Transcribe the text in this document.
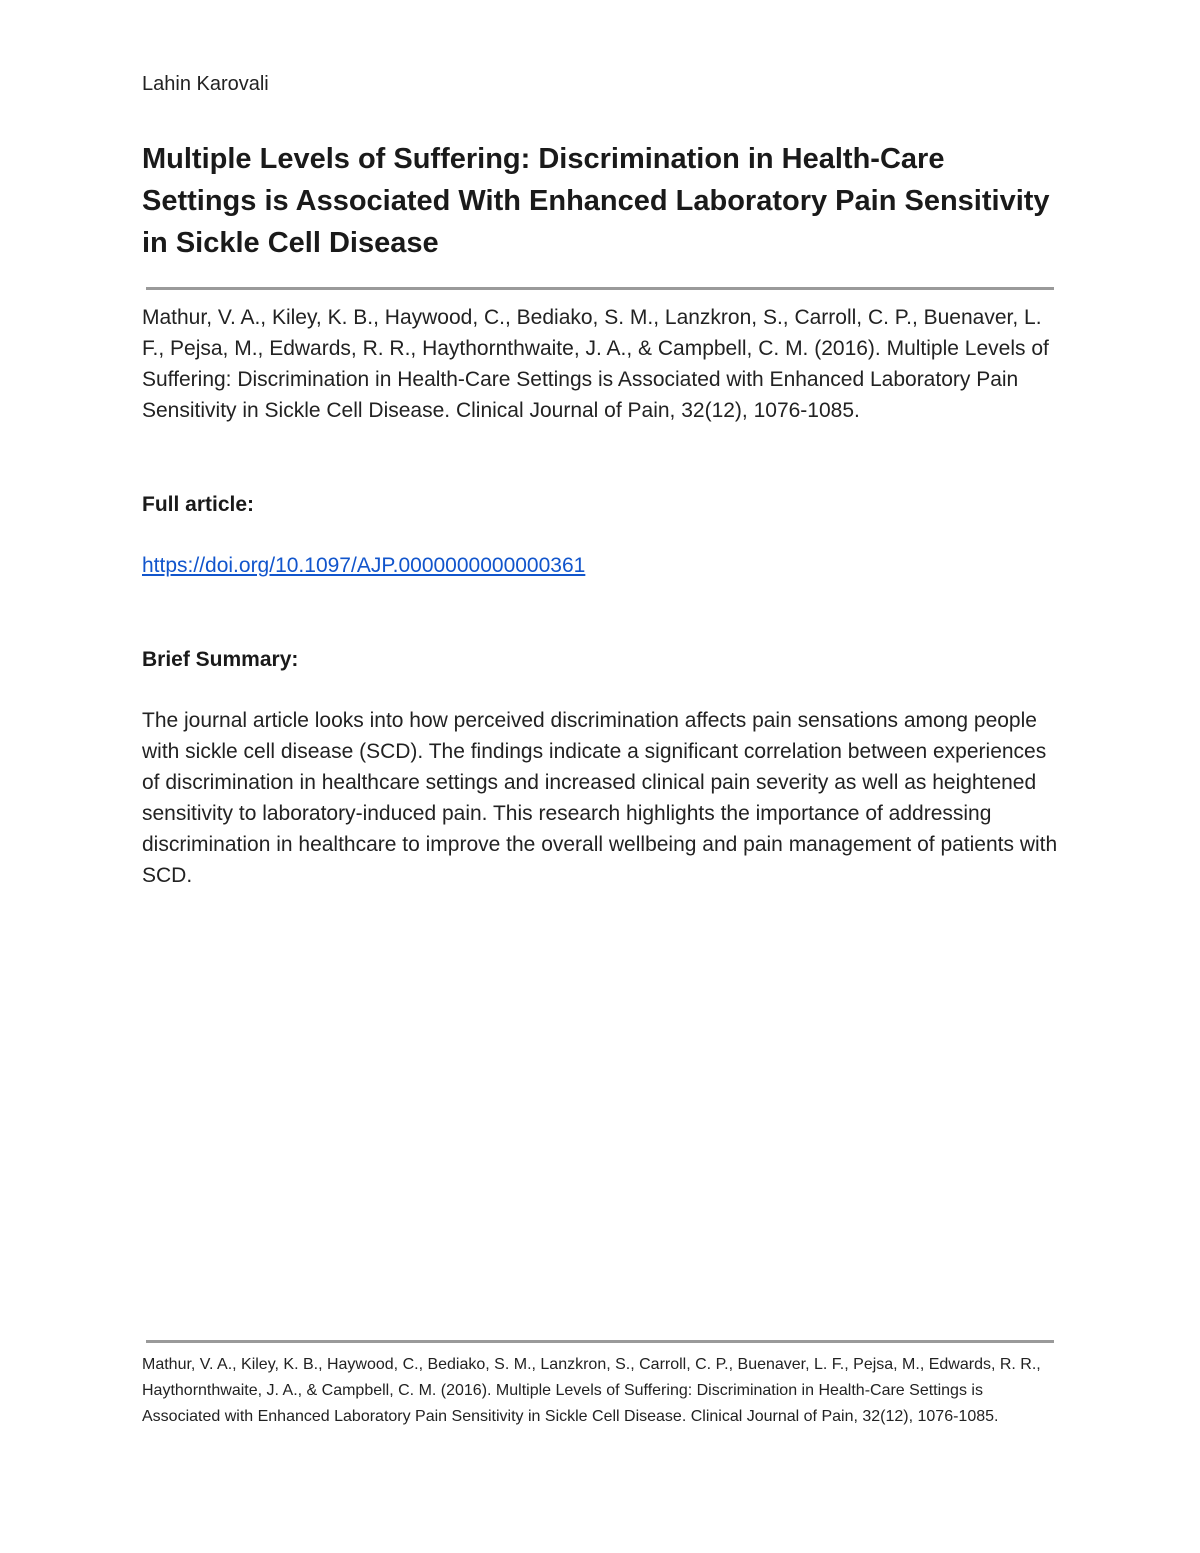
Lahin Karovali
Multiple Levels of Suffering: Discrimination in Health-Care Settings is Associated With Enhanced Laboratory Pain Sensitivity in Sickle Cell Disease

Mathur, V. A., Kiley, K. B., Haywood, C., Bediako, S. M., Lanzkron, S., Carroll, C. P., Buenaver, L. F., Pejsa, M., Edwards, R. R., Haythornthwaite, J. A., & Campbell, C. M. (2016). Multiple Levels of Suffering: Discrimination in Health-Care Settings is Associated with Enhanced Laboratory Pain Sensitivity in Sickle Cell Disease. Clinical Journal of Pain, 32(12), 1076-1085.

Full article:
https://doi.org/10.1097/AJP.0000000000000361
Brief Summary:

The journal article looks into how perceived discrimination affects pain sensations among people with sickle cell disease (SCD). The findings indicate a significant correlation between experiences of discrimination in healthcare settings and increased clinical pain severity as well as heightened sensitivity to laboratory-induced pain. This research highlights the importance of addressing discrimination in healthcare to improve the overall wellbeing and pain management of patients with SCD.

Mathur, V. A., Kiley, K. B., Haywood, C., Bediako, S. M., Lanzkron, S., Carroll, C. P., Buenaver, L. F., Pejsa, M., Edwards, R. R., Haythornthwaite, J. A., & Campbell, C. M. (2016). Multiple Levels of Suffering: Discrimination in Health-Care Settings is Associated with Enhanced Laboratory Pain Sensitivity in Sickle Cell Disease. Clinical Journal of Pain, 32(12), 1076-1085.
